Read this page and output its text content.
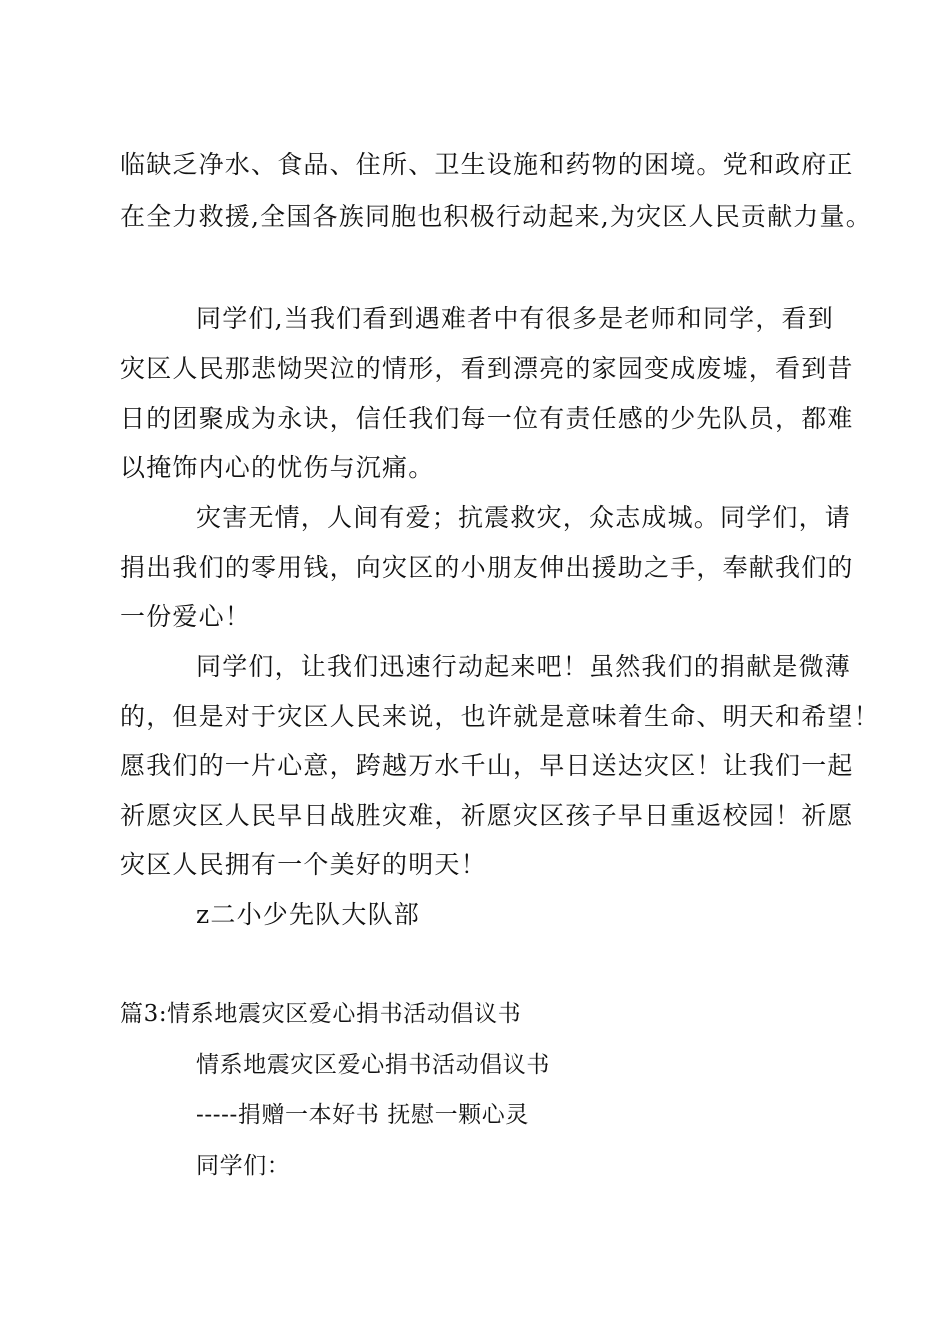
临缺乏净水、食品、住所、卫生设施和药物的困境。党和政府正
在全力救援,全国各族同胞也积极行动起来,为灾区人民贡献力量。
同学们,当我们看到遇难者中有很多是老师和同学，看到
灾区人民那悲恸哭泣的情形，看到漂亮的家园变成废墟，看到昔
日的团聚成为永诀，信任我们每一位有责任感的少先队员，都难
以掩饰内心的忧伤与沉痛。
灾害无情，人间有爱；抗震救灾，众志成城。同学们，请
捐出我们的零用钱，向灾区的小朋友伸出援助之手，奉献我们的
一份爱心！
同学们，让我们迅速行动起来吧！虽然我们的捐献是微薄
的，但是对于灾区人民来说，也许就是意味着生命、明天和希望！
愿我们的一片心意，跨越万水千山，早日送达灾区！让我们一起
祈愿灾区人民早日战胜灾难，祈愿灾区孩子早日重返校园！祈愿
灾区人民拥有一个美好的明天！
z二小少先队大队部
篇3:情系地震灾区爱心捐书活动倡议书
情系地震灾区爱心捐书活动倡议书
-----捐赠一本好书 抚慰一颗心灵
同学们：
